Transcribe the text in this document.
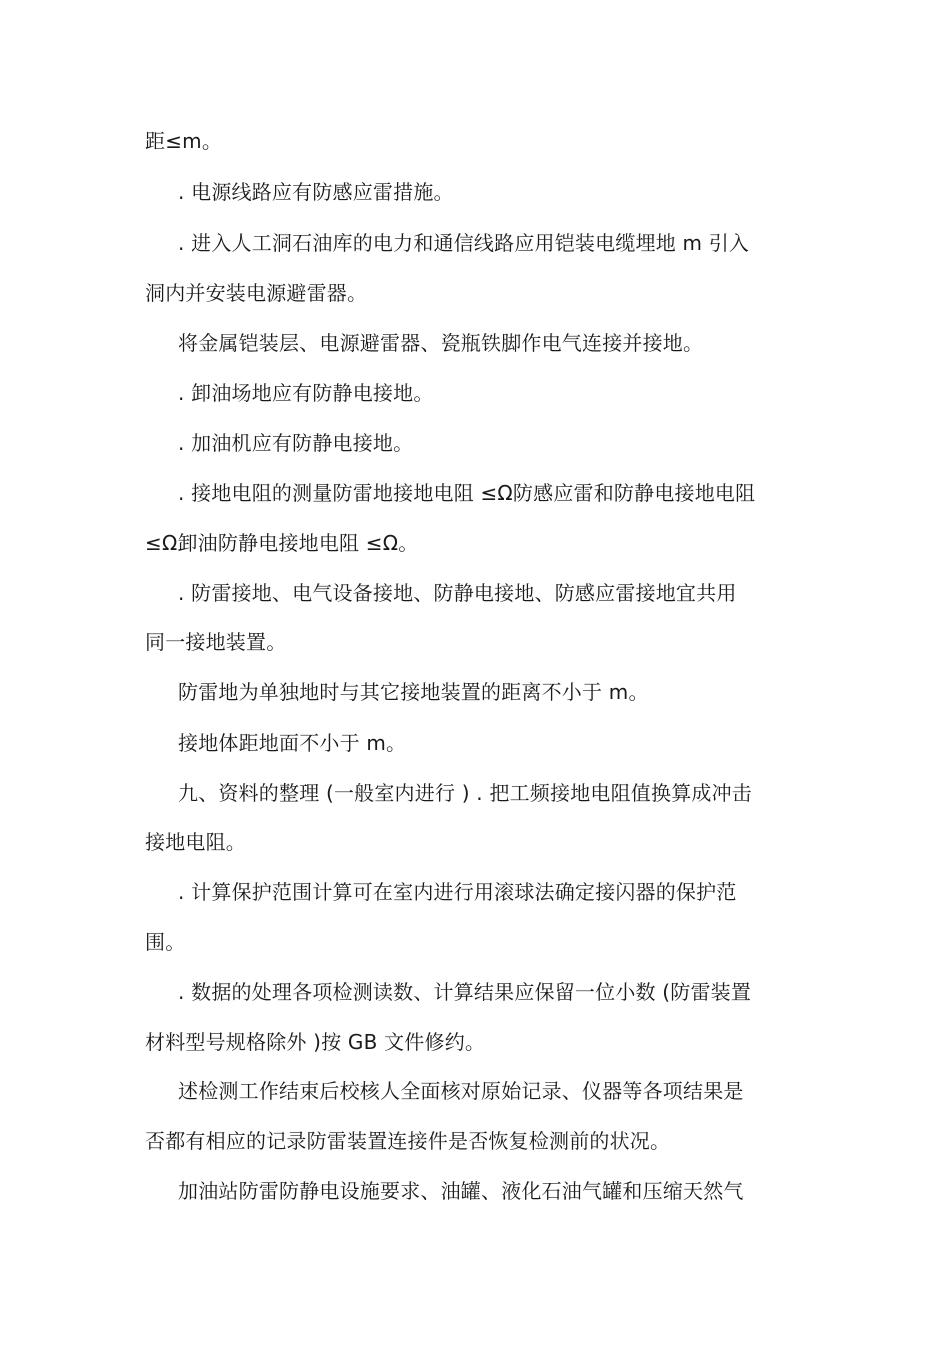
距≤m。
. 电源线路应有防感应雷措施。
. 进入人工洞石油库的电力和通信线路应用铠装电缆埋地 m 引入
洞内并安装电源避雷器。
将金属铠装层、电源避雷器、瓷瓶铁脚作电气连接并接地。
. 卸油场地应有防静电接地。
. 加油机应有防静电接地。
. 接地电阻的测量防雷地接地电阻 ≤Ω防感应雷和防静电接地电阻
≤Ω卸油防静电接地电阻 ≤Ω。
. 防雷接地、电气设备接地、防静电接地、防感应雷接地宜共用
同一接地装置。
防雷地为单独地时与其它接地装置的距离不小于 m。
接地体距地面不小于 m。
九、资料的整理 (一般室内进行 ) . 把工频接地电阻值换算成冲击
接地电阻。
. 计算保护范围计算可在室内进行用滚球法确定接闪器的保护范
围。
. 数据的处理各项检测读数、计算结果应保留一位小数 (防雷装置
材料型号规格除外 )按 GB 文件修约。
述检测工作结束后校核人全面核对原始记录、仪器等各项结果是
否都有相应的记录防雷装置连接件是否恢复检测前的状况。
加油站防雷防静电设施要求、油罐、液化石油气罐和压缩天然气
